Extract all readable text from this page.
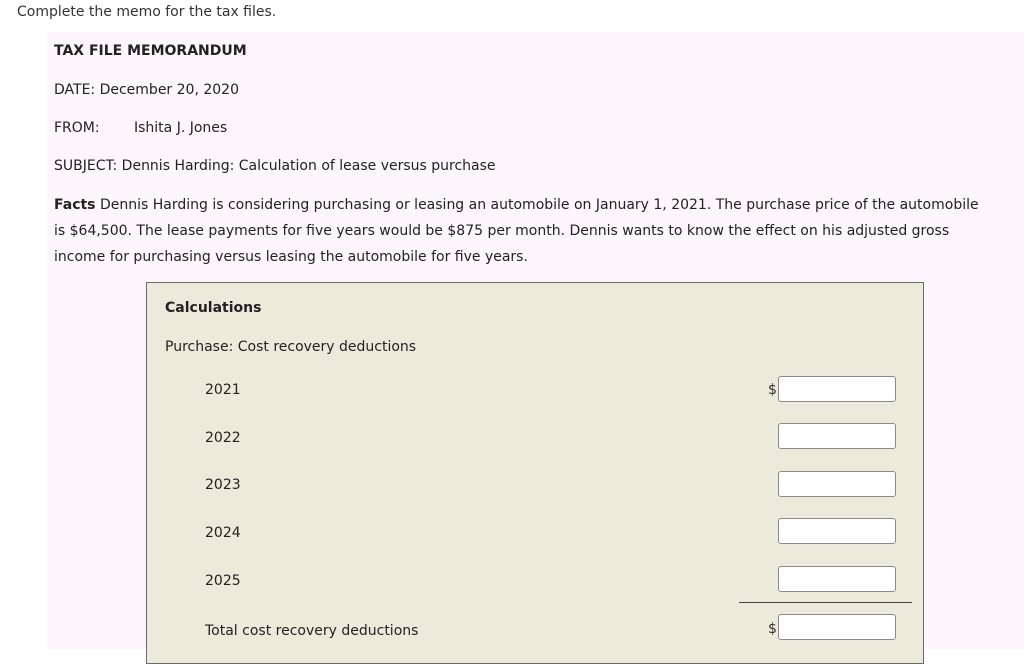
Complete the memo for the tax files.
TAX FILE MEMORANDUM
DATE: December 20, 2020
FROM: Ishita J. Jones
SUBJECT: Dennis Harding: Calculation of lease versus purchase
Facts Dennis Harding is considering purchasing or leasing an automobile on January 1, 2021. The purchase price of the automobile is $64,500. The lease payments for five years would be $875 per month. Dennis wants to know the effect on his adjusted gross income for purchasing versus leasing the automobile for five years.
Calculations
Purchase: Cost recovery deductions
2021	$
2022
2023
2024
2025
Total cost recovery deductions	$
